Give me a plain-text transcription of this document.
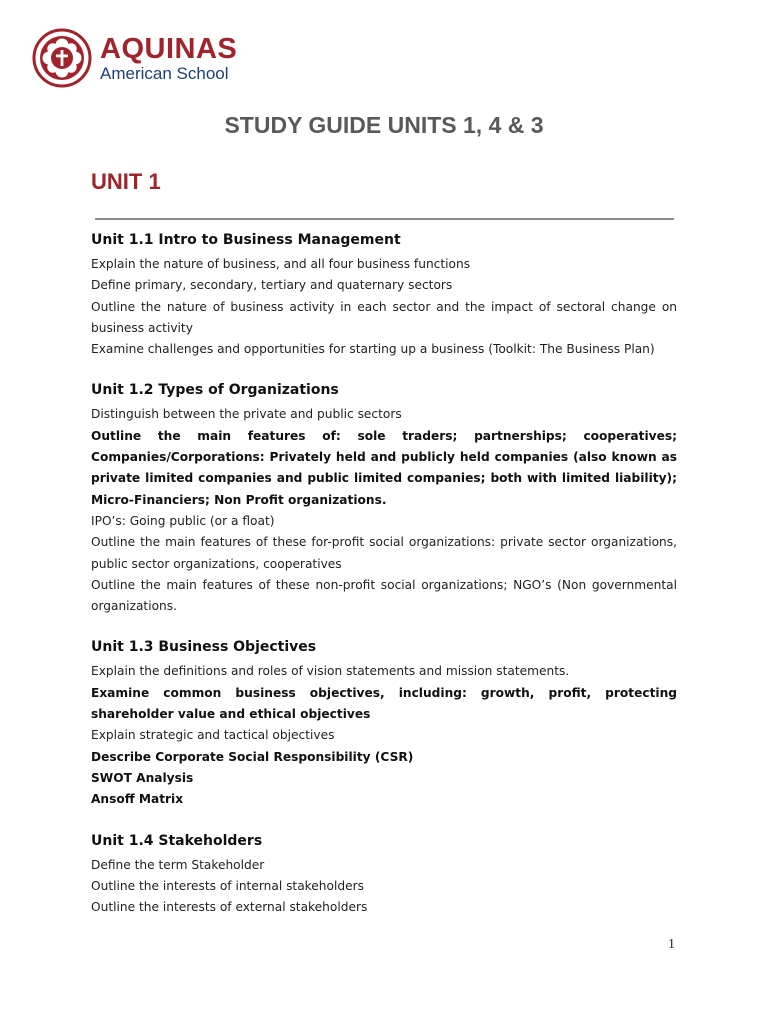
AQUINAS
American School
STUDY GUIDE UNITS 1, 4 & 3
UNIT 1
Unit 1.1 Intro to Business Management

Explain the nature of business, and all four business functions

Define primary, secondary, tertiary and quaternary sectors

Outline the nature of business activity in each sector and the impact of sectoral change on business activity

Examine challenges and opportunities for starting up a business (Toolkit: The Business Plan)

Unit 1.2 Types of Organizations

Distinguish between the private and public sectors

Outline the main features of: sole traders; partnerships; cooperatives; Companies/Corporations: Privately held and publicly held companies (also known as private limited companies and public limited companies; both with limited liability); Micro-Financiers; Non Profit organizations.

IPO’s: Going public (or a float)

Outline the main features of these for-profit social organizations: private sector organizations, public sector organizations, cooperatives

Outline the main features of these non-profit social organizations; NGO’s (Non governmental organizations.

Unit 1.3 Business Objectives

Explain the definitions and roles of vision statements and mission statements.

Examine common business objectives, including: growth, profit, protecting shareholder value and ethical objectives

Explain strategic and tactical objectives

Describe Corporate Social Responsibility (CSR)

SWOT Analysis

Ansoff Matrix

Unit 1.4 Stakeholders

Define the term Stakeholder

Outline the interests of internal stakeholders

Outline the interests of external stakeholders

1
